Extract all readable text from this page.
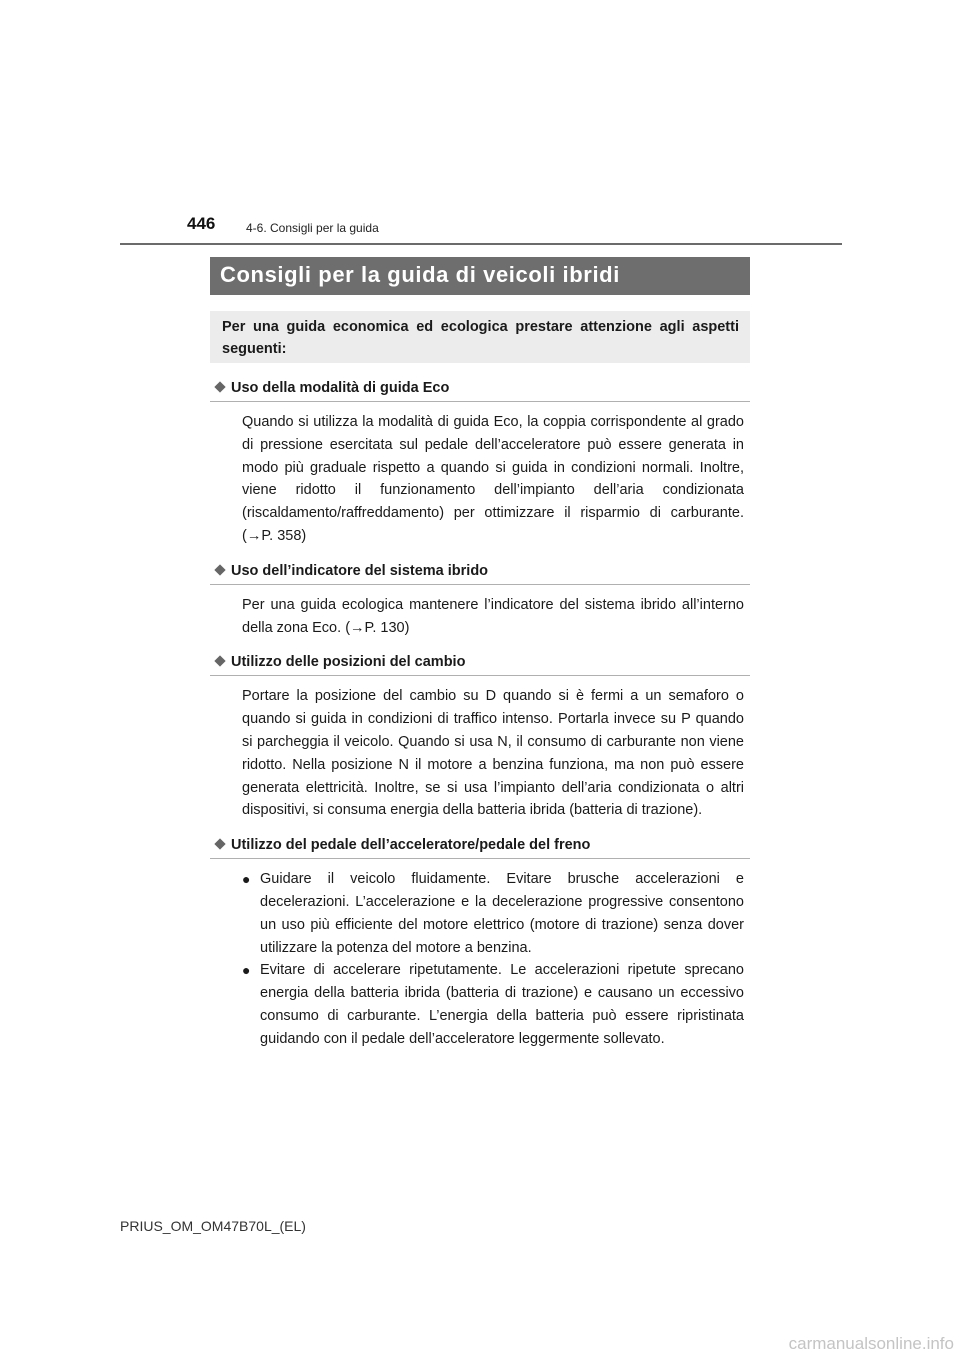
446	4-6. Consigli per la guida
Consigli per la guida di veicoli ibridi

Per una guida economica ed ecologica prestare attenzione agli aspetti seguenti:

Uso della modalità di guida Eco

Quando si utilizza la modalità di guida Eco, la coppia corrispondente al grado di pressione esercitata sul pedale dell’acceleratore può essere generata in modo più graduale rispetto a quando si guida in condizioni normali. Inoltre, viene ridotto il funzionamento dell’impianto dell’aria condizionata (riscaldamento/raffreddamento) per ottimizzare il risparmio di carburante. (→P. 358)

Uso dell’indicatore del sistema ibrido

Per una guida ecologica mantenere l’indicatore del sistema ibrido all’interno della zona Eco. (→P. 130)

Utilizzo delle posizioni del cambio

Portare la posizione del cambio su D quando si è fermi a un semaforo o quando si guida in condizioni di traffico intenso. Portarla invece su P quando si parcheggia il veicolo. Quando si usa N, il consumo di carburante non viene ridotto. Nella posizione N il motore a benzina funziona, ma non può essere generata elettricità. Inoltre, se si usa l’impianto dell’aria condizionata o altri dispositivi, si consuma energia della batteria ibrida (batteria di trazione).

Utilizzo del pedale dell’acceleratore/pedale del freno
● Guidare il veicolo fluidamente. Evitare brusche accelerazioni e decelerazioni. L’accelerazione e la decelerazione progressive consentono un uso più efficiente del motore elettrico (motore di trazione) senza dover utilizzare la potenza del motore a benzina.
● Evitare di accelerare ripetutamente. Le accelerazioni ripetute sprecano energia della batteria ibrida (batteria di trazione) e causano un eccessivo consumo di carburante. L’energia della batteria può essere ripristinata guidando con il pedale dell’acceleratore leggermente sollevato.
PRIUS_OM_OM47B70L_(EL)
carmanualsonline.info
